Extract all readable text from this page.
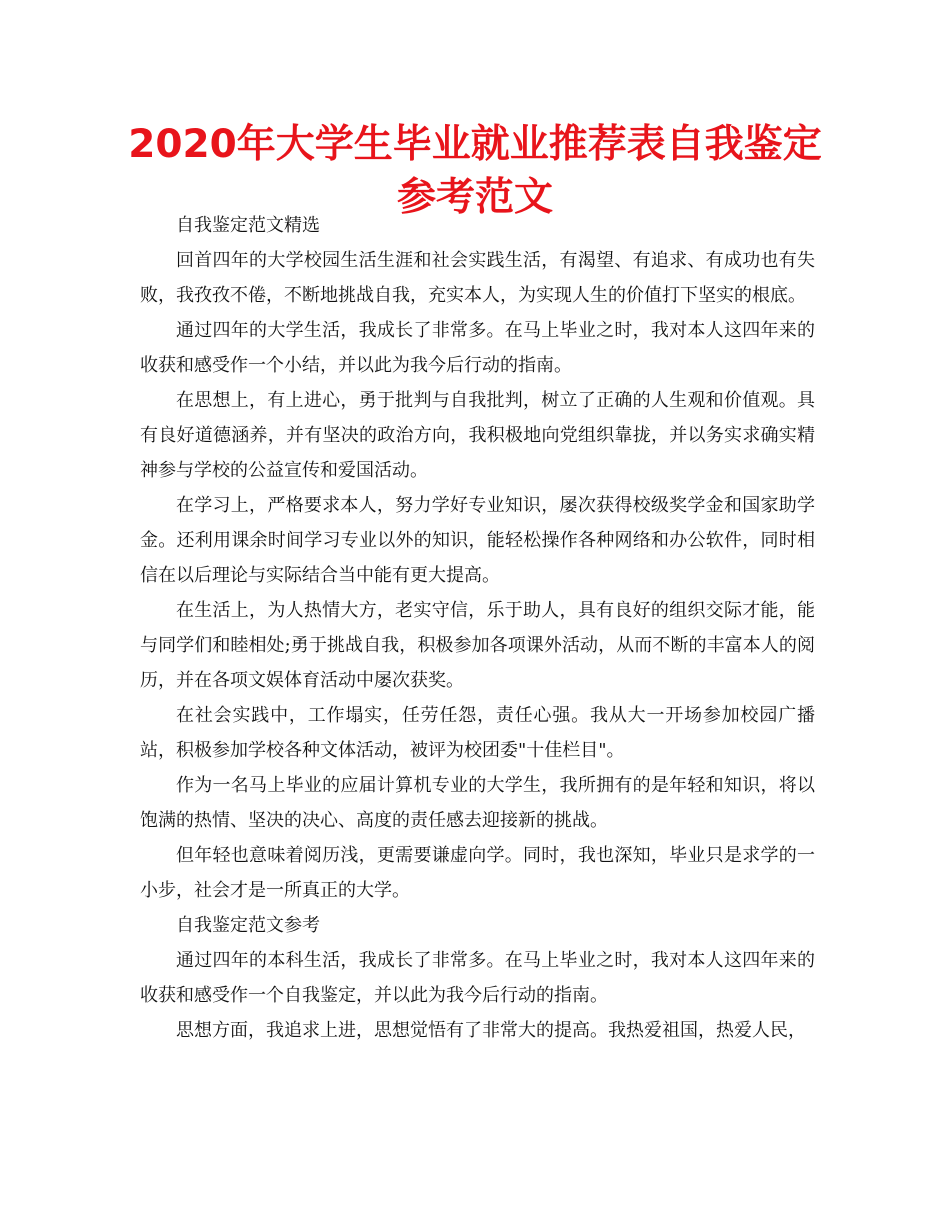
2020年大学生毕业就业推荐表自我鉴定参考范文

自我鉴定范文精选

回首四年的大学校园生活生涯和社会实践生活，有渴望、有追求、有成功也有失败，我孜孜不倦，不断地挑战自我，充实本人，为实现人生的价值打下坚实的根底。

通过四年的大学生活，我成长了非常多。在马上毕业之时，我对本人这四年来的收获和感受作一个小结，并以此为我今后行动的指南。

在思想上，有上进心，勇于批判与自我批判，树立了正确的人生观和价值观。具有良好道德涵养，并有坚决的政治方向，我积极地向党组织靠拢，并以务实求确实精神参与学校的公益宣传和爱国活动。

在学习上，严格要求本人，努力学好专业知识，屡次获得校级奖学金和国家助学金。还利用课余时间学习专业以外的知识，能轻松操作各种网络和办公软件，同时相信在以后理论与实际结合当中能有更大提高。

在生活上，为人热情大方，老实守信，乐于助人，具有良好的组织交际才能，能与同学们和睦相处;勇于挑战自我，积极参加各项课外活动，从而不断的丰富本人的阅历，并在各项文娱体育活动中屡次获奖。

在社会实践中，工作塌实，任劳任怨，责任心强。我从大一开场参加校园广播站，积极参加学校各种文体活动，被评为校团委"十佳栏目"。

作为一名马上毕业的应届计算机专业的大学生，我所拥有的是年轻和知识，将以饱满的热情、坚决的决心、高度的责任感去迎接新的挑战。

但年轻也意味着阅历浅，更需要谦虚向学。同时，我也深知，毕业只是求学的一小步，社会才是一所真正的大学。

自我鉴定范文参考

通过四年的本科生活，我成长了非常多。在马上毕业之时，我对本人这四年来的收获和感受作一个自我鉴定，并以此为我今后行动的指南。

思想方面，我追求上进，思想觉悟有了非常大的提高。我热爱祖国，热爱人民，
